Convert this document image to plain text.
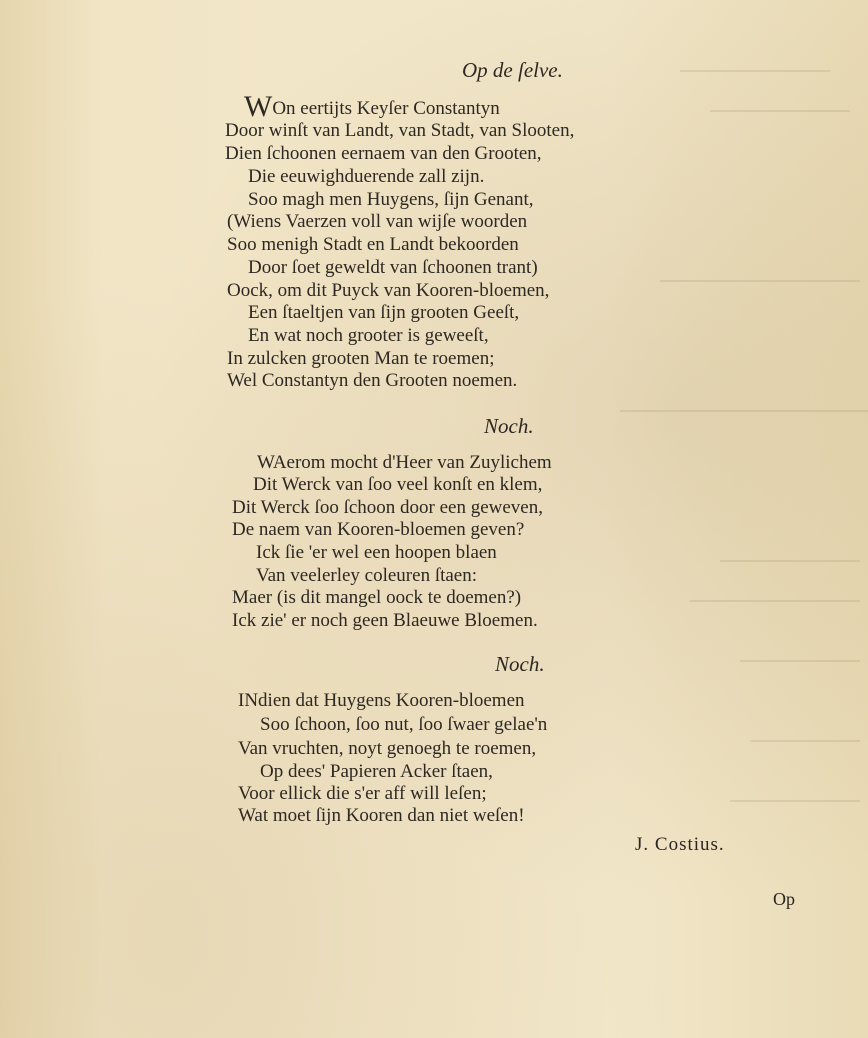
Op de ſelve.
WOn eertijts Keyſer Constantyn
Door winſt van Landt, van Stadt, van Slooten,
Dien ſchoonen eernaem van den Grooten,
Die eeuwighduerende zall zijn.
Soo magh men Huygens, ſijn Genant,
(Wiens Vaerzen voll van wijſe woorden
Soo menigh Stadt en Landt bekoorden
Door ſoet geweldt van ſchoonen trant)
Oock, om dit Puyck van Kooren-bloemen,
Een ſtaeltjen van ſijn grooten Geeſt,
En wat noch grooter is geweeſt,
In zulcken grooten Man te roemen;
Wel Constantyn den Grooten noemen.
Noch.
WAerom mocht d'Heer van Zuylichem
Dit Werck van ſoo veel konſt en klem,
Dit Werck ſoo ſchoon door een geweven,
De naem van Kooren-bloemen geven?
Ick ſie 'er wel een hoopen blaen
Van veelerley coleuren ſtaen:
Maer (is dit mangel oock te doemen?)
Ick zie' er noch geen Blaeuwe Bloemen.
Noch.
INdien dat Huygens Kooren-bloemen
Soo ſchoon, ſoo nut, ſoo ſwaer gelae'n
Van vruchten, noyt genoegh te roemen,
Op dees' Papieren Acker ſtaen,
Voor ellick die s'er aff will leſen;
Wat moet ſijn Kooren dan niet weſen!
J. Costius.
Op
